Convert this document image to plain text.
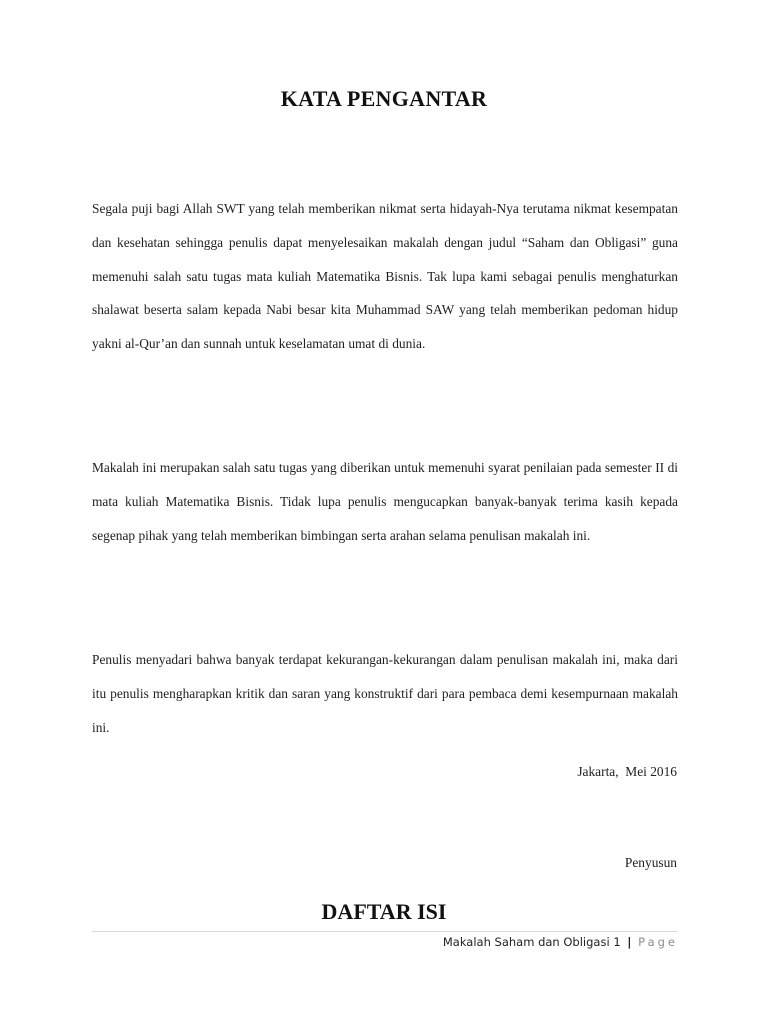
KATA PENGANTAR
Segala puji bagi Allah SWT yang telah memberikan nikmat serta hidayah-Nya terutama nikmat kesempatan dan kesehatan sehingga penulis dapat menyelesaikan makalah dengan judul “Saham dan Obligasi” guna memenuhi salah satu tugas mata kuliah Matematika Bisnis. Tak lupa kami sebagai penulis menghaturkan shalawat beserta salam kepada Nabi besar kita Muhammad SAW yang telah memberikan pedoman hidup yakni al-Qur’an dan sunnah untuk keselamatan umat di dunia.
Makalah ini merupakan salah satu tugas yang diberikan untuk memenuhi syarat penilaian pada semester II di mata kuliah Matematika Bisnis. Tidak lupa penulis mengucapkan banyak-banyak terima kasih kepada segenap pihak yang telah memberikan bimbingan serta arahan selama penulisan makalah ini.
Penulis menyadari bahwa banyak terdapat kekurangan-kekurangan dalam penulisan makalah ini, maka dari itu penulis mengharapkan kritik dan saran yang konstruktif dari para pembaca demi kesempurnaan makalah ini.
Jakarta,  Mei 2016
Penyusun
DAFTAR ISI
Makalah Saham dan Obligasi 1 | Page
